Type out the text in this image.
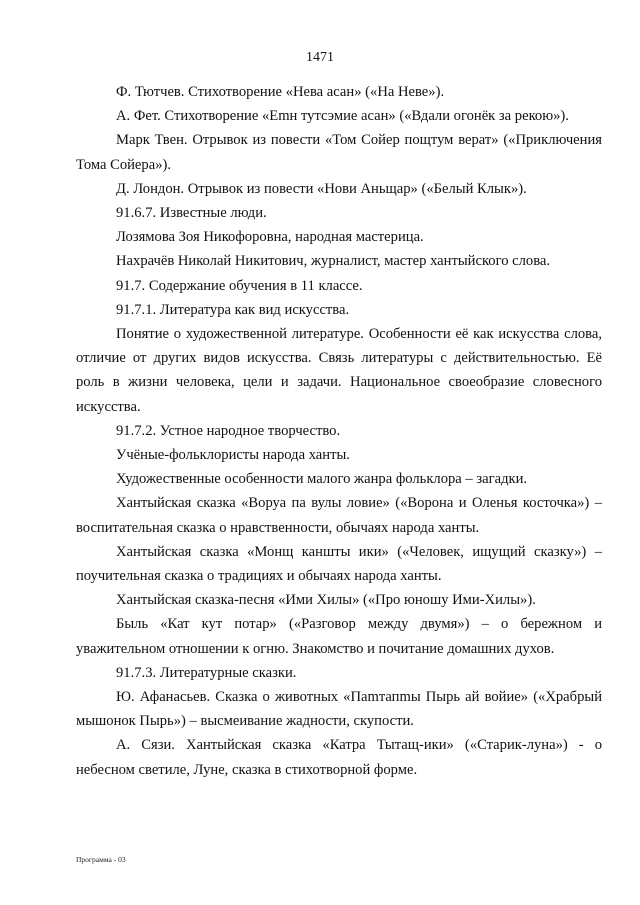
1471

Ф. Тютчев. Стихотворение «Нева асан» («На Неве»).

А. Фет. Стихотворение «Emн тутсэмие асан» («Вдали огонёк за рекою»).

Марк Твен. Отрывок из повести «Том Сойер пощтум верат» («Приключения Тома Сойера»).

Д. Лондон. Отрывок из повести «Нови Аньщар» («Белый Клык»).

91.6.7. Известные люди.

Лозямова Зоя Никофоровна, народная мастерица.

Нахрачёв Николай Никитович, журналист, мастер хантыйского слова.

91.7. Содержание обучения в 11 классе.

91.7.1. Литература как вид искусства.

Понятие о художественной литературе. Особенности её как искусства слова, отличие от других видов искусства. Связь литературы с действительностью. Её роль в жизни человека, цели и задачи. Национальное своеобразие словесного искусства.

91.7.2. Устное народное творчество.

Учёные-фольклористы народа ханты.

Художественные особенности малого жанра фольклора – загадки.

Хантыйская сказка «Воруа па вулы ловие» («Ворона и Оленья косточка») – воспитательная сказка о нравственности, обычаях народа ханты.

Хантыйская сказка «Монщ каншты ики» («Человек, ищущий сказку») – поучительная сказка о традициях и обычаях народа ханты.

Хантыйская сказка-песня «Ими Хилы» («Про юношу Ими-Хилы»).

Быль «Кат кут потар» («Разговор между двумя») – о бережном и уважительном отношении к огню. Знакомство и почитание домашних духов.

91.7.3. Литературные сказки.

Ю. Афанасьев. Сказка о животных «Паmтапmы Пырь ай войие» («Храбрый мышонок Пырь») – высмеивание жадности, скупости.

А. Сязи. Хантыйская сказка «Катра Тытащ-ики» («Старик-луна») - о небесном светиле, Луне, сказка в стихотворной форме.

Программа - 03
